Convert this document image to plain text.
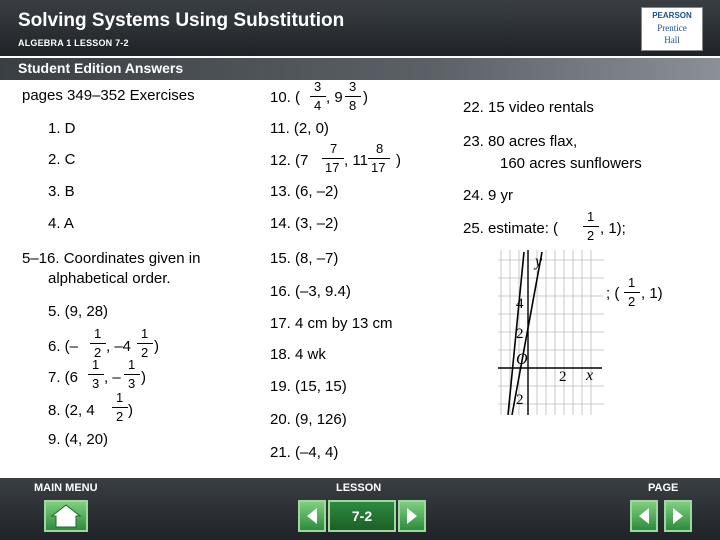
Solving Systems Using Substitution
ALGEBRA 1 LESSON 7-2
PEARSON
Prentice
Hall
Student Edition Answers
pages 349–352 Exercises
1. D
2. C
3. B
4. A
5–16. Coordinates given in
alphabetical order.
5. (9, 28)
6. (–
1
2 , –4
1
2 )
7. (6
1
3 , –
1
3 )
8. (2, 4
1
2 )
9. (4, 20)
10. (
3
4 , 9
3
8 )
11. (2, 0)
12. (7
7
17 , 11
8
17 )
13. (6, –2)
14. (3, –2)
15. (8, –7)
16. (–3, 9.4)
17. 4 cm by 13 cm
18. 4 wk
19. (15, 15)
20. (9, 126)
21. (–4, 4)
22. 15 video rentals
23. 80 acres flax,
160 acres sunflowers
24. 9 yr
25. estimate: (
1
2 , 1);
; (
1
2 , 1)
y
x
O
4
2
2
2
MAIN MENU	LESSON	PAGE
7-2
